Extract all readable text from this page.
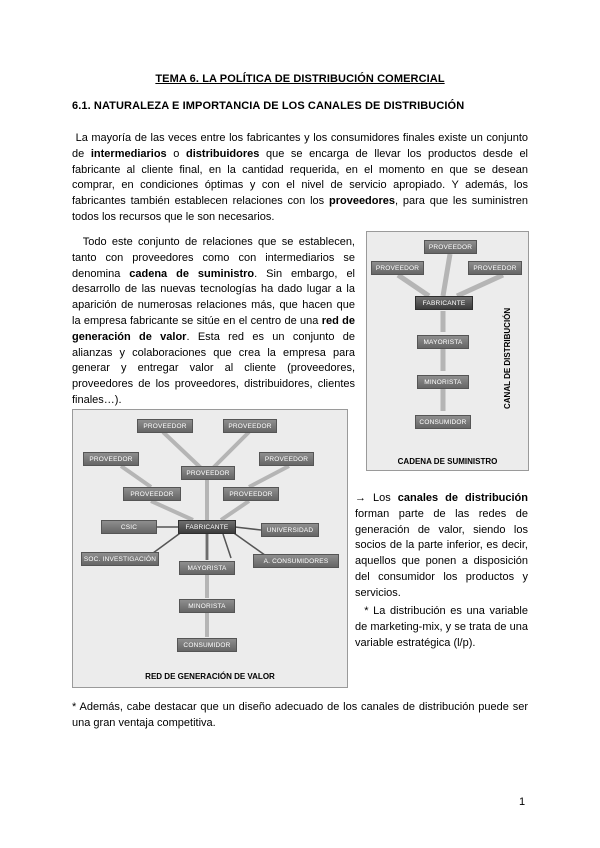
TEMA 6. LA POLÍTICA DE DISTRIBUCIÓN COMERCIAL
6.1. NATURALEZA E IMPORTANCIA DE LOS CANALES DE DISTRIBUCIÓN
La mayoría de las veces entre los fabricantes y los consumidores finales existe un conjunto de intermediarios o distribuidores que se encarga de llevar los productos desde el fabricante al cliente final, en la cantidad requerida, en el momento en que se desean comprar, en condiciones óptimas y con el nivel de servicio apropiado. Y además, los fabricantes también establecen relaciones con los proveedores, para que les suministren todos los recursos que le son necesarios.
Todo este conjunto de relaciones que se establecen, tanto con proveedores como con intermediarios se denomina cadena de suministro. Sin embargo, el desarrollo de las nuevas tecnologías ha dado lugar a la aparición de numerosas relaciones más, que hacen que la empresa fabricante se sitúe en el centro de una red de generación de valor. Esta red es un conjunto de alianzas y colaboraciones que crea la empresa para generar y entregar valor al cliente (proveedores, proveedores de los proveedores, distribuidores, clientes finales…).
PROVEEDOR
PROVEEDOR	PROVEEDOR
FABRICANTE
MAYORISTA
MINORISTA
CONSUMIDOR
CANAL DE DISTRIBUCIÓN
CADENA DE SUMINISTRO
PROVEEDOR	PROVEEDOR
PROVEEDOR
PROVEEDOR
PROVEEDOR
PROVEEDOR	PROVEEDOR
FABRICANTE
CSIC	UNIVERSIDAD
SOC. INVESTIGACIÓN	A. CONSUMIDORES
MAYORISTA
MINORISTA
CONSUMIDOR
RED DE GENERACIÓN DE VALOR
→ Los canales de distribución forman parte de las redes de generación de valor, siendo los socios de la parte inferior, es decir, aquellos que ponen a disposición del consumidor los productos y servicios.
* La distribución es una variable de marketing-mix, y se trata de una variable estratégica (l/p).
* Además, cabe destacar que un diseño adecuado de los canales de distribución puede ser una gran ventaja competitiva.
1
